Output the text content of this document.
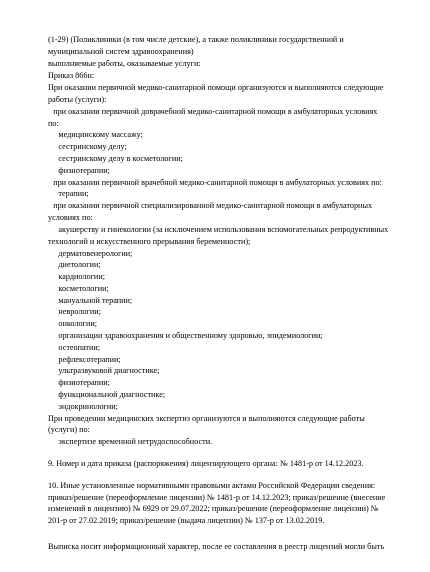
(1-29) (Поликлиники (в том числе детские), а также поликлиники государственной и
муниципальной систем здравоохранения)
выполняемые работы, оказываемые услуги:
Приказ 866н:
При оказании первичной медико-санитарной помощи организуются и выполняются следующие
работы (услуги):
при оказании первичной доврачебной медико-санитарной помощи в амбулаторных условиях
по:
медицинскому массажу;
сестринскому делу;
сестринскому делу в косметологии;
физиотерапии;
при оказании первичной врачебной медико-санитарной помощи в амбулаторных условиях по:
терапии;
при оказании первичной специализированной медико-санитарной помощи в амбулаторных
условиях по:
акушерству и гинекологии (за исключением использования вспомогательных репродуктивных
технологий и искусственного прерывания беременности);
дерматовенерологии;
диетологии;
кардиологии;
косметологии;
мануальной терапии;
неврологии;
онкологии;
организации здравоохранения и общественному здоровью, эпидемиологии;
остеопатии;
рефлексотерапии;
ультразвуковой диагностике;
физиотерапии;
функциональной диагностике;
эндокринологии;
При проведении медицинских экспертиз организуются и выполняются следующие работы
(услуги) по:
экспертизе временной нетрудоспособности.
9. Номер и дата приказа (распоряжения) лицензирующего органа: № 1481-р от 14.12.2023.
10. Иные установленные нормативными правовыми актами Российской Федерации сведения:
приказ/решение (переоформление лицензии) № 1481-р от 14.12.2023; приказ/решение (внесение
изменений в лицензию) № 6929 от 29.07.2022; приказ/решение (переоформление лицензии) №
201-р от 27.02.2019; приказ/решение (выдача лицензии) № 137-р от 13.02.2019.
Выписка носит информационный характер, после ее составления в реестр лицензий могли быть
